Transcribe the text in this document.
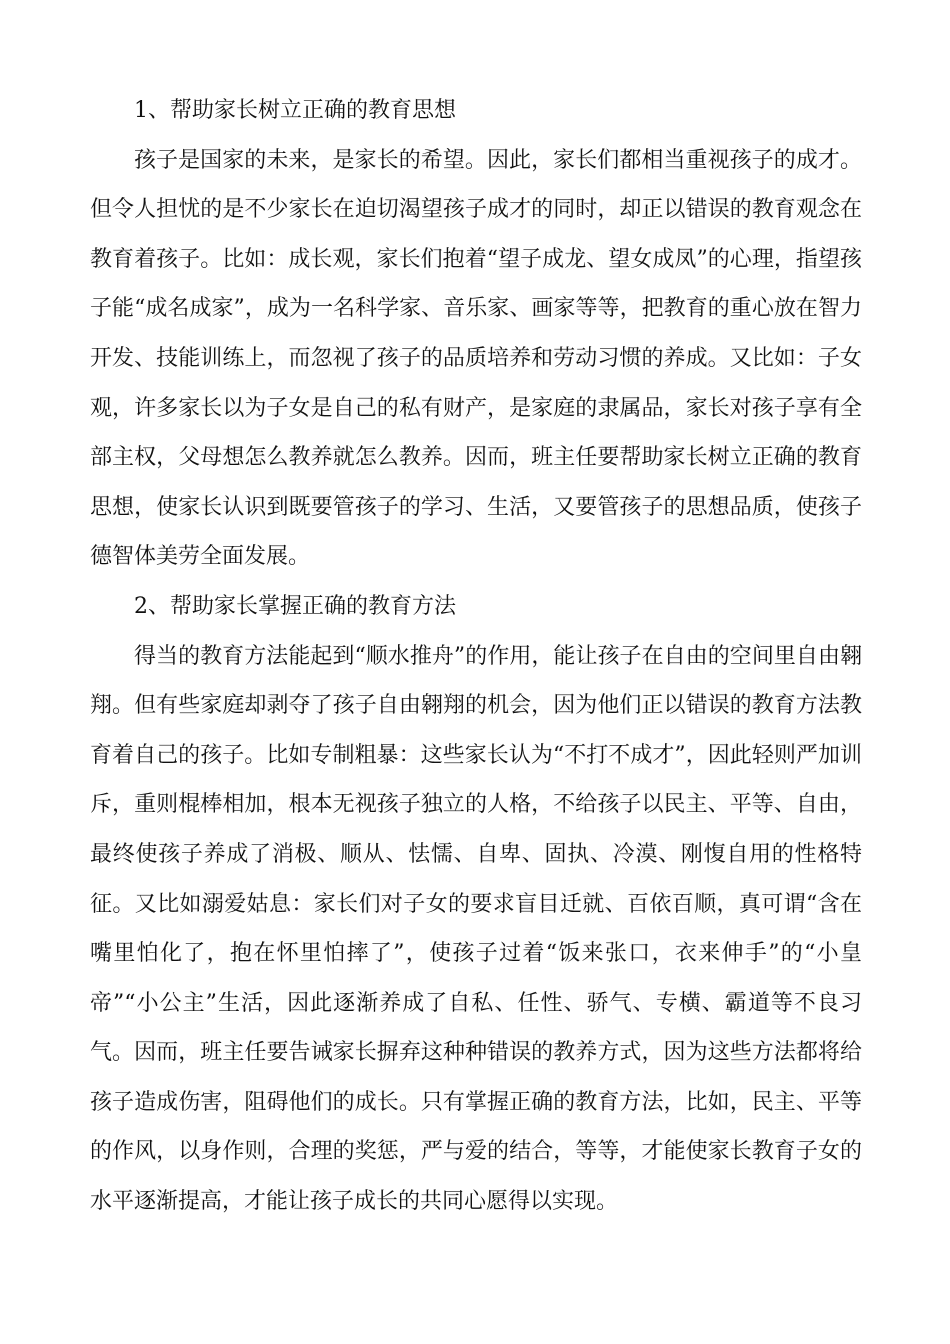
1、帮助家长树立正确的教育思想

孩子是国家的未来，是家长的希望。因此，家长们都相当重视孩子的成才。但令人担忧的是不少家长在迫切渴望孩子成才的同时，却正以错误的教育观念在教育着孩子。比如：成长观，家长们抱着“望子成龙、望女成凤”的心理，指望孩子能“成名成家”，成为一名科学家、音乐家、画家等等，把教育的重心放在智力开发、技能训练上，而忽视了孩子的品质培养和劳动习惯的养成。又比如：子女观，许多家长以为子女是自己的私有财产，是家庭的隶属品，家长对孩子享有全部主权，父母想怎么教养就怎么教养。因而，班主任要帮助家长树立正确的教育思想，使家长认识到既要管孩子的学习、生活，又要管孩子的思想品质，使孩子德智体美劳全面发展。

2、帮助家长掌握正确的教育方法

得当的教育方法能起到“顺水推舟”的作用，能让孩子在自由的空间里自由翱翔。但有些家庭却剥夺了孩子自由翱翔的机会，因为他们正以错误的教育方法教育着自己的孩子。比如专制粗暴：这些家长认为“不打不成才”，因此轻则严加训斥，重则棍棒相加，根本无视孩子独立的人格，不给孩子以民主、平等、自由，最终使孩子养成了消极、顺从、怯懦、自卑、固执、冷漠、刚愎自用的性格特征。又比如溺爱姑息：家长们对子女的要求盲目迁就、百依百顺，真可谓“含在嘴里怕化了，抱在怀里怕摔了”，使孩子过着“饭来张口，衣来伸手”的“小皇帝”“小公主”生活，因此逐渐养成了自私、任性、骄气、专横、霸道等不良习气。因而，班主任要告诫家长摒弃这种种错误的教养方式，因为这些方法都将给孩子造成伤害，阻碍他们的成长。只有掌握正确的教育方法，比如，民主、平等的作风，以身作则，合理的奖惩，严与爱的结合，等等，才能使家长教育子女的水平逐渐提高，才能让孩子成长的共同心愿得以实现。
